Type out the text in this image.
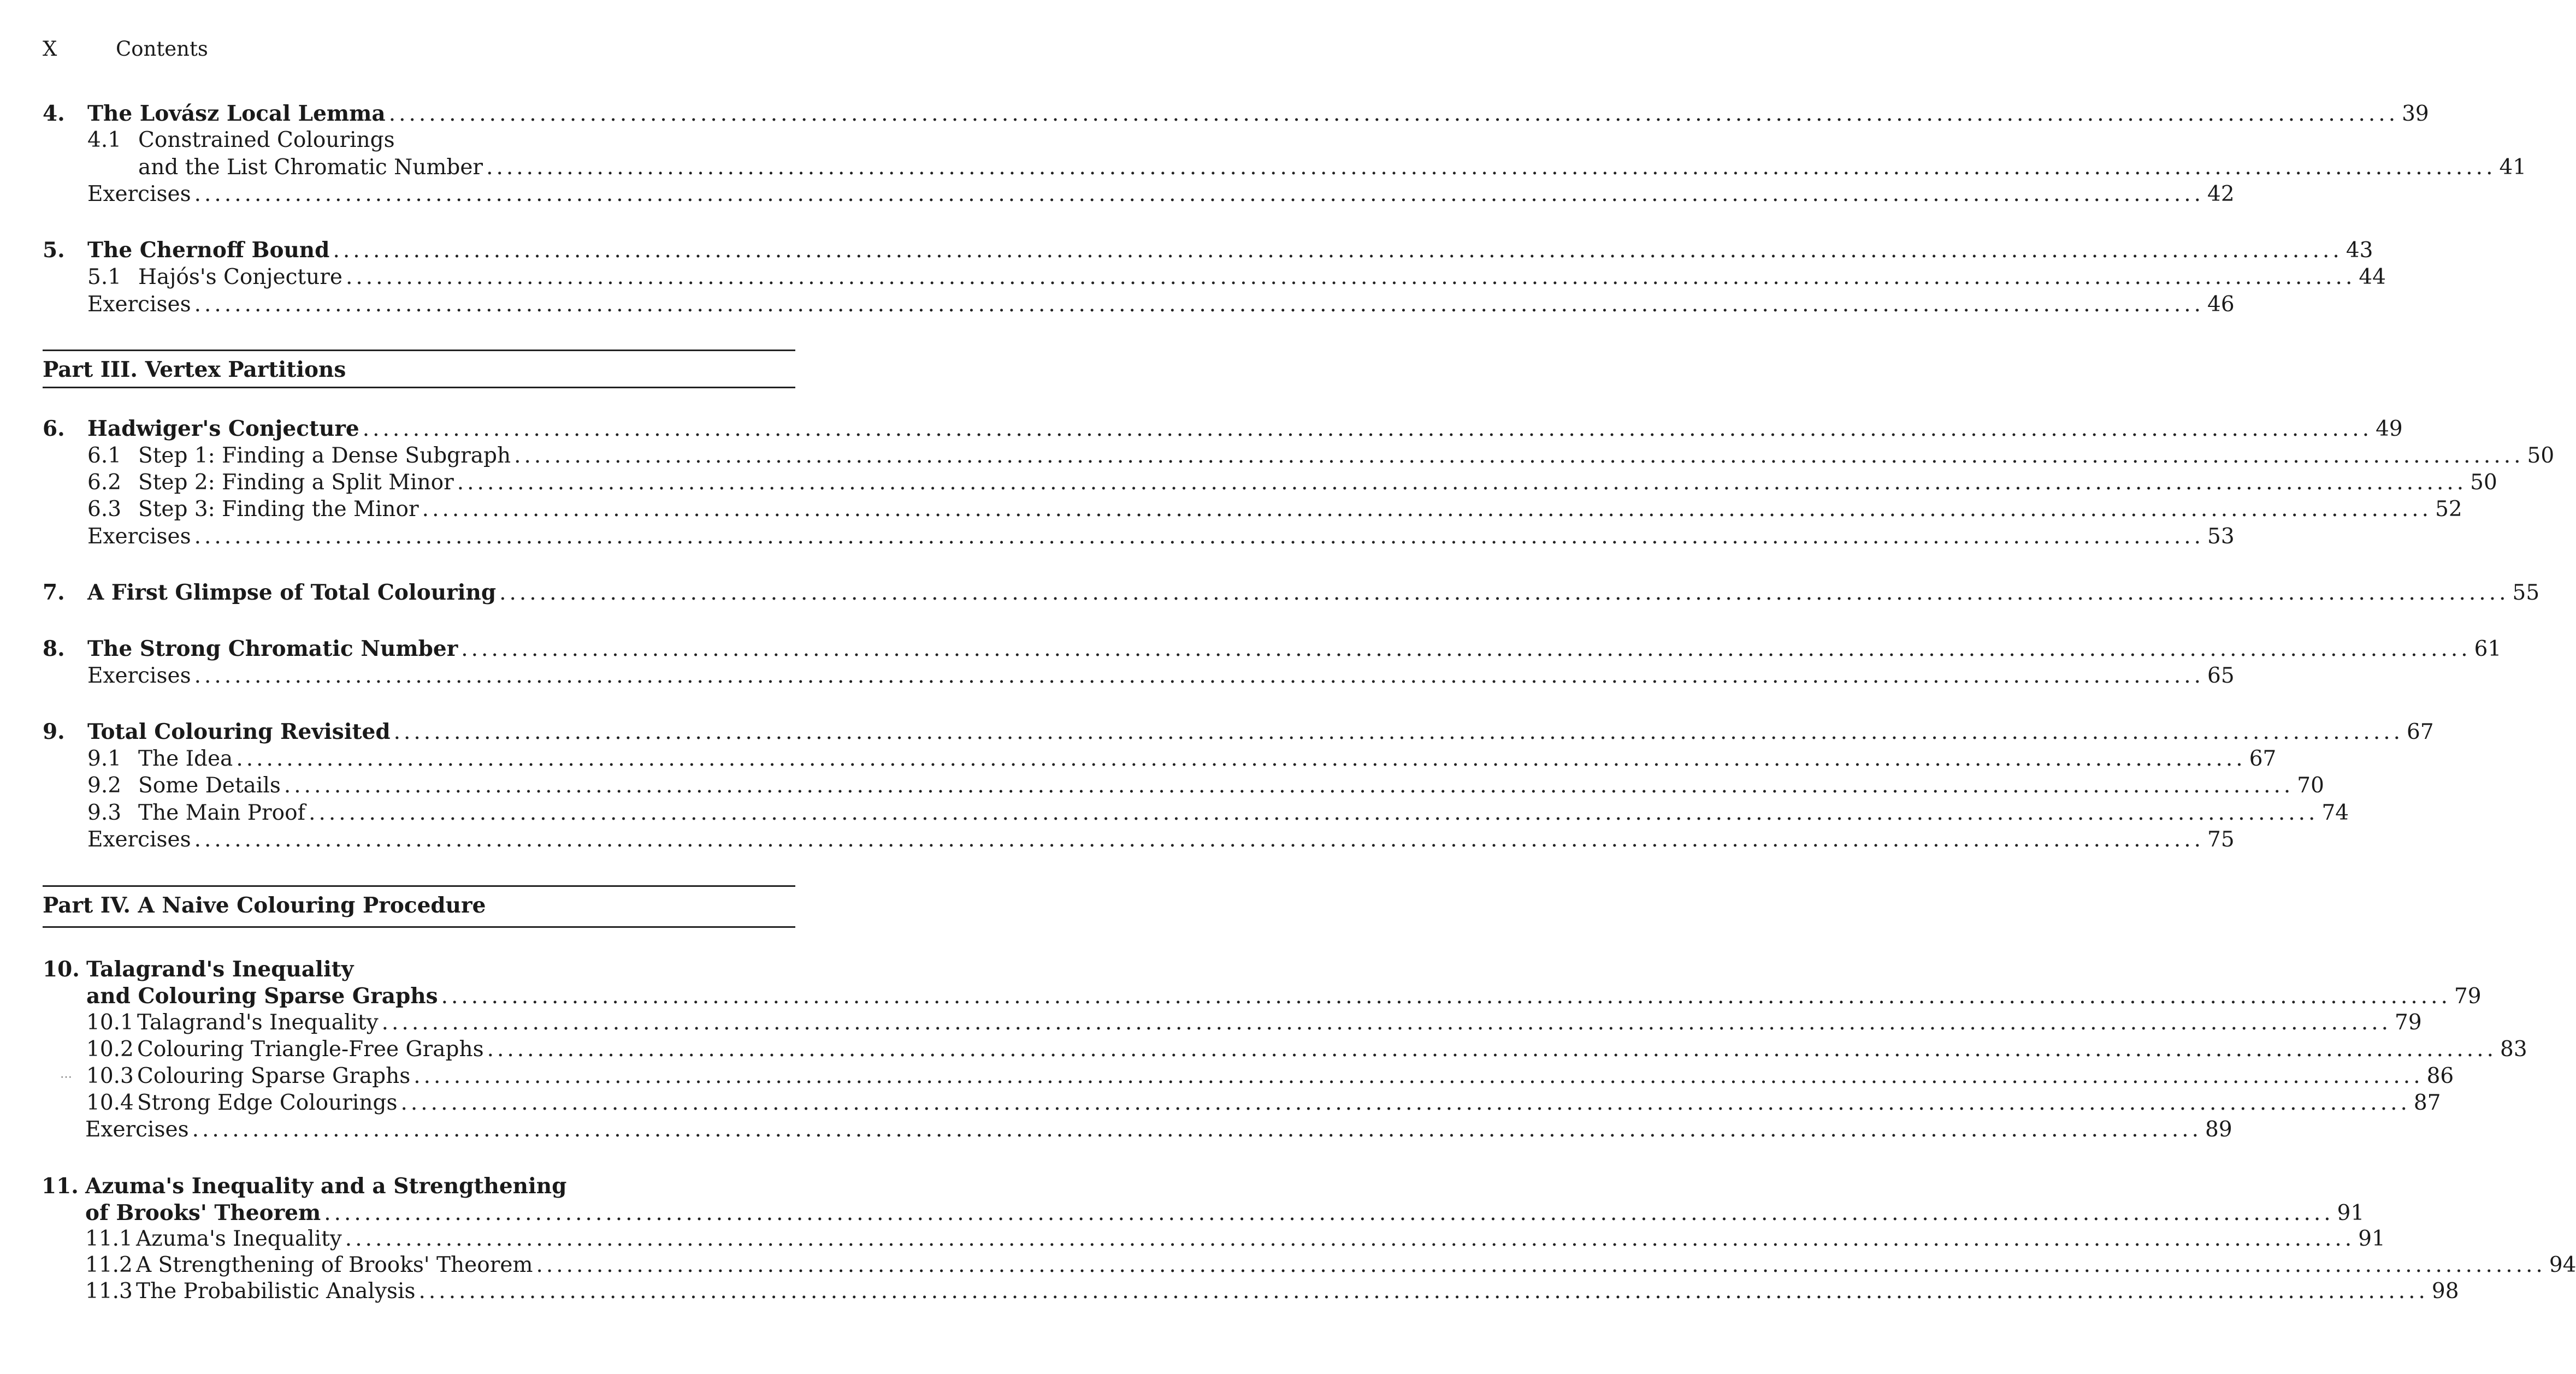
X	Contents
4. The Lovász Local Lemma ........................................................................................................................................................................................................ 39
4.1 Constrained Colourings
and the List Chromatic Number ........................................................................................................................................................................................................ 41
Exercises ........................................................................................................................................................................................................ 42
5. The Chernoff Bound ........................................................................................................................................................................................................ 43
5.1 Hajós's Conjecture ........................................................................................................................................................................................................ 44
Exercises ........................................................................................................................................................................................................ 46
Part III. Vertex Partitions
6. Hadwiger's Conjecture ........................................................................................................................................................................................................ 49
6.1 Step 1: Finding a Dense Subgraph ........................................................................................................................................................................................................ 50
6.2 Step 2: Finding a Split Minor ........................................................................................................................................................................................................ 50
6.3 Step 3: Finding the Minor ........................................................................................................................................................................................................ 52
Exercises ........................................................................................................................................................................................................ 53
7. A First Glimpse of Total Colouring ........................................................................................................................................................................................................ 55
8. The Strong Chromatic Number ........................................................................................................................................................................................................ 61
Exercises ........................................................................................................................................................................................................ 65
9. Total Colouring Revisited ........................................................................................................................................................................................................ 67
9.1 The Idea ........................................................................................................................................................................................................ 67
9.2 Some Details ........................................................................................................................................................................................................ 70
9.3 The Main Proof ........................................................................................................................................................................................................ 74
Exercises ........................................................................................................................................................................................................ 75
Part IV. A Naive Colouring Procedure
10. Talagrand's Inequality
and Colouring Sparse Graphs ........................................................................................................................................................................................................ 79
10.1 Talagrand's Inequality ........................................................................................................................................................................................................ 79
10.2 Colouring Triangle-Free Graphs ........................................................................................................................................................................................................ 83
⋯ 10.3 Colouring Sparse Graphs ........................................................................................................................................................................................................ 86
10.4 Strong Edge Colourings ........................................................................................................................................................................................................ 87
Exercises ........................................................................................................................................................................................................ 89
11. Azuma's Inequality and a Strengthening
of Brooks' Theorem ........................................................................................................................................................................................................ 91
11.1 Azuma's Inequality ........................................................................................................................................................................................................ 91
11.2 A Strengthening of Brooks' Theorem ........................................................................................................................................................................................................ 94
11.3 The Probabilistic Analysis ........................................................................................................................................................................................................ 98
